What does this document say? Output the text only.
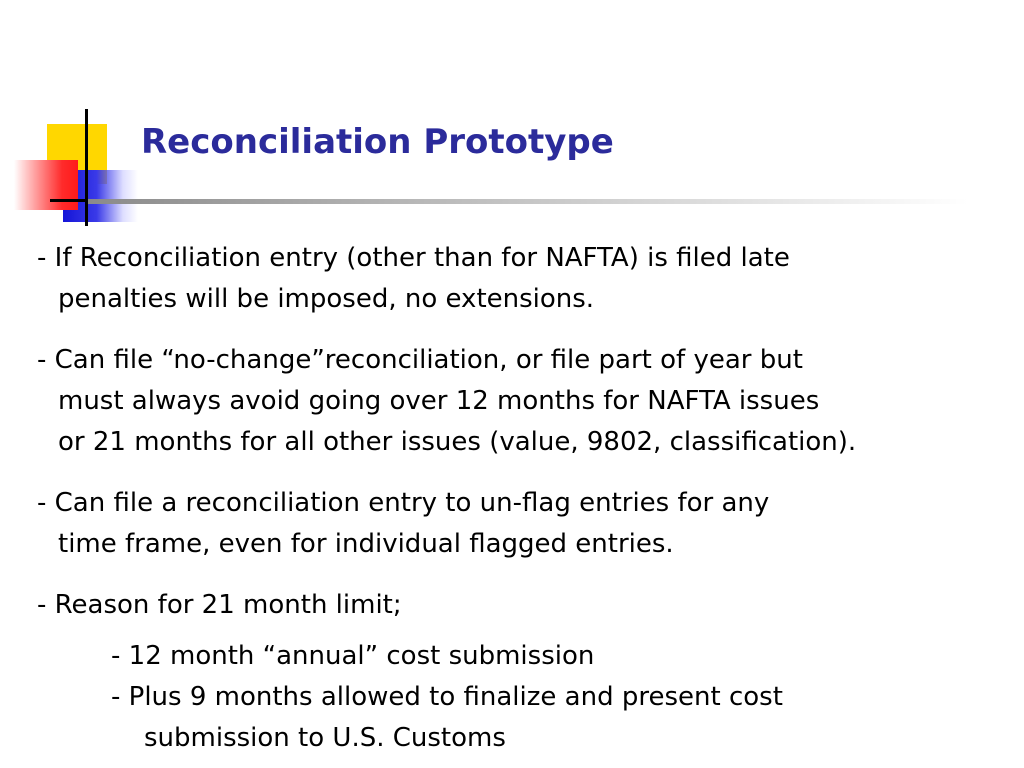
Reconciliation Prototype

- If Reconciliation entry (other than for NAFTA) is filed late
penalties will be imposed, no extensions.

- Can file “no-change”reconciliation, or file part of year but
must always avoid going over 12 months for NAFTA issues
or 21 months for all other issues (value, 9802, classification).

- Can file a reconciliation entry to un-flag entries for any
time frame, even for individual flagged entries.

- Reason for 21 month limit;

- 12 month “annual” cost submission
- Plus 9 months allowed to finalize and present cost
submission to U.S. Customs
